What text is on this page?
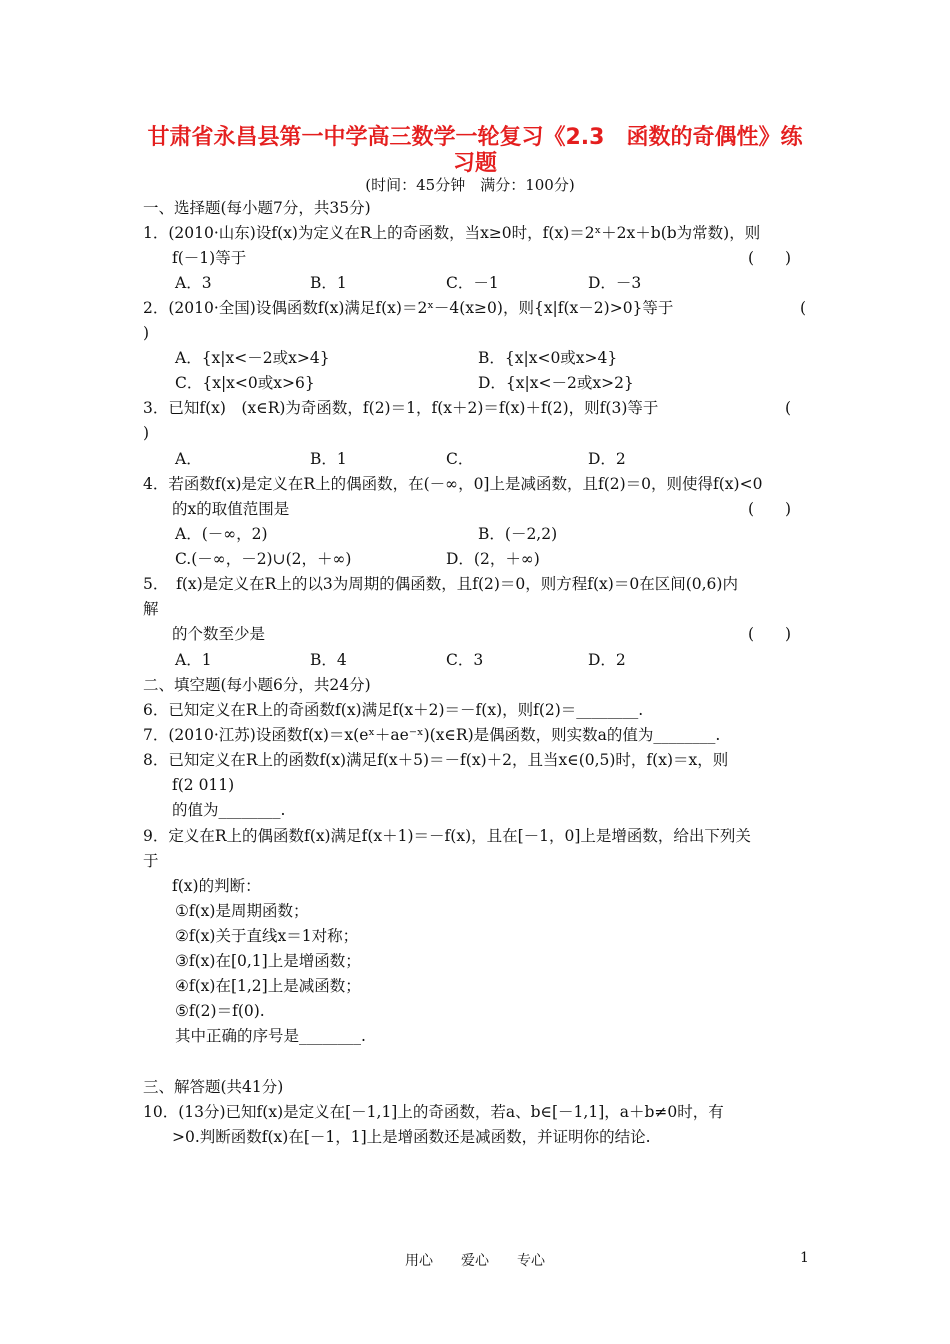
甘肃省永昌县第一中学高三数学一轮复习《2.3　函数的奇偶性》练
习题
(时间：45分钟　满分：100分)
一、选择题(每小题7分，共35分)
1．(2010·山东)设f(x)为定义在R上的奇函数，当x≥0时，f(x)＝2ˣ＋2x＋b(b为常数)，则
f(－1)等于	(　　)
A．3	B．1	C．－1	D．－3
2．(2010·全国)设偶函数f(x)满足f(x)＝2ˣ－4(x≥0)，则{x|f(x－2)>0}等于	(
)
A．{x|x<－2或x>4}	B．{x|x<0或x>4}
C．{x|x<0或x>6}	D．{x|x<－2或x>2}
3．已知f(x)　(x∈R)为奇函数，f(2)＝1，f(x＋2)＝f(x)＋f(2)，则f(3)等于	(
)
A．	B．1	C．	D．2
4．若函数f(x)是定义在R上的偶函数，在(－∞，0]上是减函数，且f(2)＝0，则使得f(x)<0
的x的取值范围是	(　　)
A．(－∞，2)	B．(－2,2)
C.(－∞，－2)∪(2，＋∞)	D．(2，＋∞)
5．　f(x)是定义在R上的以3为周期的偶函数，且f(2)＝0，则方程f(x)＝0在区间(0,6)内
解
的个数至少是	(　　)
A．1	B．4	C．3	D．2
二、填空题(每小题6分，共24分)
6．已知定义在R上的奇函数f(x)满足f(x＋2)＝－f(x)，则f(2)＝________.
7．(2010·江苏)设函数f(x)＝x(eˣ＋ae⁻ˣ)(x∈R)是偶函数，则实数a的值为________.
8．已知定义在R上的函数f(x)满足f(x＋5)＝－f(x)＋2，且当x∈(0,5)时，f(x)＝x，则
f(2 011)
的值为________.
9．定义在R上的偶函数f(x)满足f(x＋1)＝－f(x)，且在[－1，0]上是增函数，给出下列关
于
f(x)的判断：
①f(x)是周期函数；
②f(x)关于直线x＝1对称；
③f(x)在[0,1]上是增函数；
④f(x)在[1,2]上是减函数；
⑤f(2)＝f(0).
其中正确的序号是________.
三、解答题(共41分)
10．(13分)已知f(x)是定义在[－1,1]上的奇函数，若a、b∈[－1,1]，a＋b≠0时，有
>0.判断函数f(x)在[－1，1]上是增函数还是减函数，并证明你的结论.
用心　　爱心　　专心	1
